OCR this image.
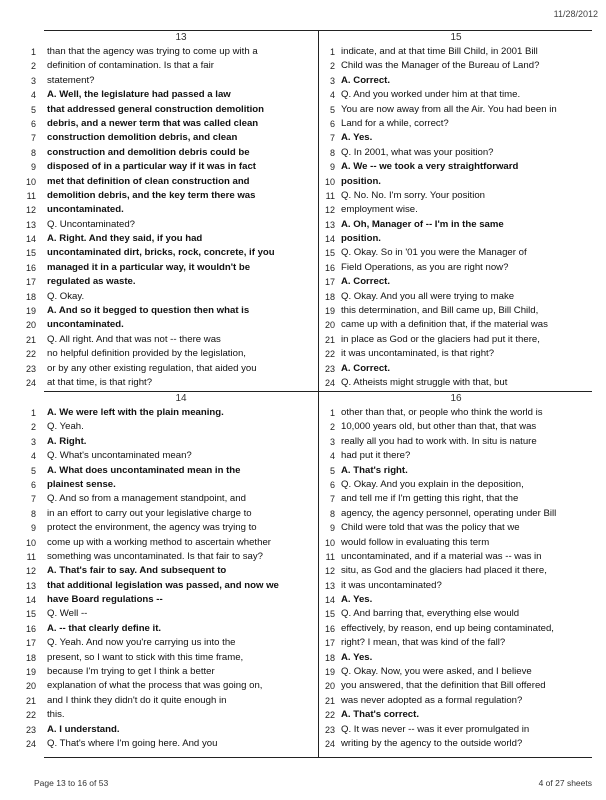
11/28/2012
13
1 than that the agency was trying to come up with a
2 definition of contamination. Is that a fair
3 statement?
4 A. Well, the legislature had passed a law
5 that addressed general construction demolition
6 debris, and a newer term that was called clean
7 construction demolition debris, and clean
8 construction and demolition debris could be
9 disposed of in a particular way if it was in fact
10 met that definition of clean construction and
11 demolition debris, and the key term there was
12 uncontaminated.
13 Q. Uncontaminated?
14 A. Right. And they said, if you had
15 uncontaminated dirt, bricks, rock, concrete, if you
16 managed it in a particular way, it wouldn't be
17 regulated as waste.
18 Q. Okay.
19 A. And so it begged to question then what is
20 uncontaminated.
21 Q. All right. And that was not -- there was
22 no helpful definition provided by the legislation,
23 or by any other existing regulation, that aided you
24 at that time, is that right?
15
1 indicate, and at that time Bill Child, in 2001 Bill
2 Child was the Manager of the Bureau of Land?
3 A. Correct.
4 Q. And you worked under him at that time.
5 You are now away from all the Air. You had been in
6 Land for a while, correct?
7 A. Yes.
8 Q. In 2001, what was your position?
9 A. We -- we took a very straightforward
10 position.
11 Q. No. No. I'm sorry. Your position
12 employment wise.
13 A. Oh, Manager of -- I'm in the same
14 position.
15 Q. Okay. So in '01 you were the Manager of
16 Field Operations, as you are right now?
17 A. Correct.
18 Q. Okay. And you all were trying to make
19 this determination, and Bill came up, Bill Child,
20 came up with a definition that, if the material was
21 in place as God or the glaciers had put it there,
22 it was uncontaminated, is that right?
23 A. Correct.
24 Q. Atheists might struggle with that, but
14
1 A. We were left with the plain meaning.
2 Q. Yeah.
3 A. Right.
4 Q. What's uncontaminated mean?
5 A. What does uncontaminated mean in the
6 plainest sense.
7 Q. And so from a management standpoint, and
8 in an effort to carry out your legislative charge to
9 protect the environment, the agency was trying to
10 come up with a working method to ascertain whether
11 something was uncontaminated. Is that fair to say?
12 A. That's fair to say. And subsequent to
13 that additional legislation was passed, and now we
14 have Board regulations --
15 Q. Well --
16 A. -- that clearly define it.
17 Q. Yeah. And now you're carrying us into the
18 present, so I want to stick with this time frame,
19 because I'm trying to get I think a better
20 explanation of what the process that was going on,
21 and I think they didn't do it quite enough in
22 this.
23 A. I understand.
24 Q. That's where I'm going here. And you
16
1 other than that, or people who think the world is
2 10,000 years old, but other than that, that was
3 really all you had to work with. In situ is nature
4 had put it there?
5 A. That's right.
6 Q. Okay. And you explain in the deposition,
7 and tell me if I'm getting this right, that the
8 agency, the agency personnel, operating under Bill
9 Child were told that was the policy that we
10 would follow in evaluating this term
11 uncontaminated, and if a material was -- was in
12 situ, as God and the glaciers had placed it there,
13 it was uncontaminated?
14 A. Yes.
15 Q. And barring that, everything else would
16 effectively, by reason, end up being contaminated,
17 right? I mean, that was kind of the fall?
18 A. Yes.
19 Q. Okay. Now, you were asked, and I believe
20 you answered, that the definition that Bill offered
21 was never adopted as a formal regulation?
22 A. That's correct.
23 Q. It was never -- was it ever promulgated in
24 writing by the agency to the outside world?
Page 13 to 16 of 53	4 of 27 sheets
